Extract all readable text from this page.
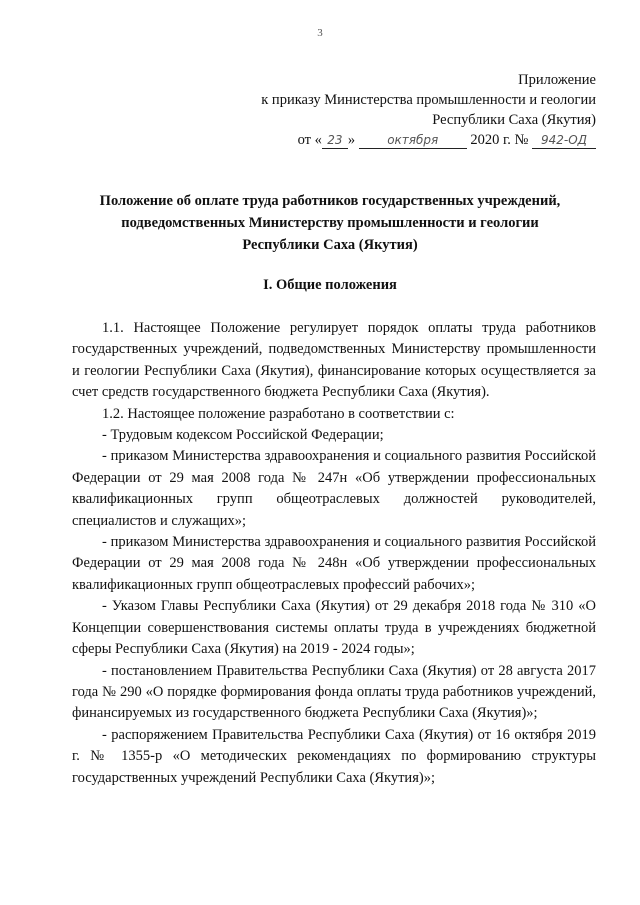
3
Приложение
к приказу Министерства промышленности и геологии
Республики Саха (Якутия)
от « 23 »	октября 2020 г. № 942-ОД
Положение об оплате труда работников государственных учреждений,
подведомственных Министерству промышленности и геологии
Республики Саха (Якутия)
I. Общие положения

1.1. Настоящее Положение регулирует порядок оплаты труда работников государственных учреждений, подведомственных Министерству промышленности и геологии Республики Саха (Якутия), финансирование которых осуществляется за счет средств государственного бюджета Республики Саха (Якутия).

1.2. Настоящее положение разработано в соответствии с:

- Трудовым кодексом Российской Федерации;

- приказом Министерства здравоохранения и социального развития Российской Федерации от 29 мая 2008 года № 247н «Об утверждении профессиональных квалификационных групп общеотраслевых должностей руководителей, специалистов и служащих»;

- приказом Министерства здравоохранения и социального развития Российской Федерации от 29 мая 2008 года № 248н «Об утверждении профессиональных квалификационных групп общеотраслевых профессий рабочих»;

- Указом Главы Республики Саха (Якутия) от 29 декабря 2018 года № 310 «О Концепции совершенствования системы оплаты труда в учреждениях бюджетной сферы Республики Саха (Якутия) на 2019 - 2024 годы»;

- постановлением Правительства Республики Саха (Якутия) от 28 августа 2017 года № 290 «О порядке формирования фонда оплаты труда работников учреждений, финансируемых из государственного бюджета Республики Саха (Якутия)»;

- распоряжением Правительства Республики Саха (Якутия) от 16 октября 2019 г. № 1355-р «О методических рекомендациях по формированию структуры государственных учреждений Республики Саха (Якутия)»;
